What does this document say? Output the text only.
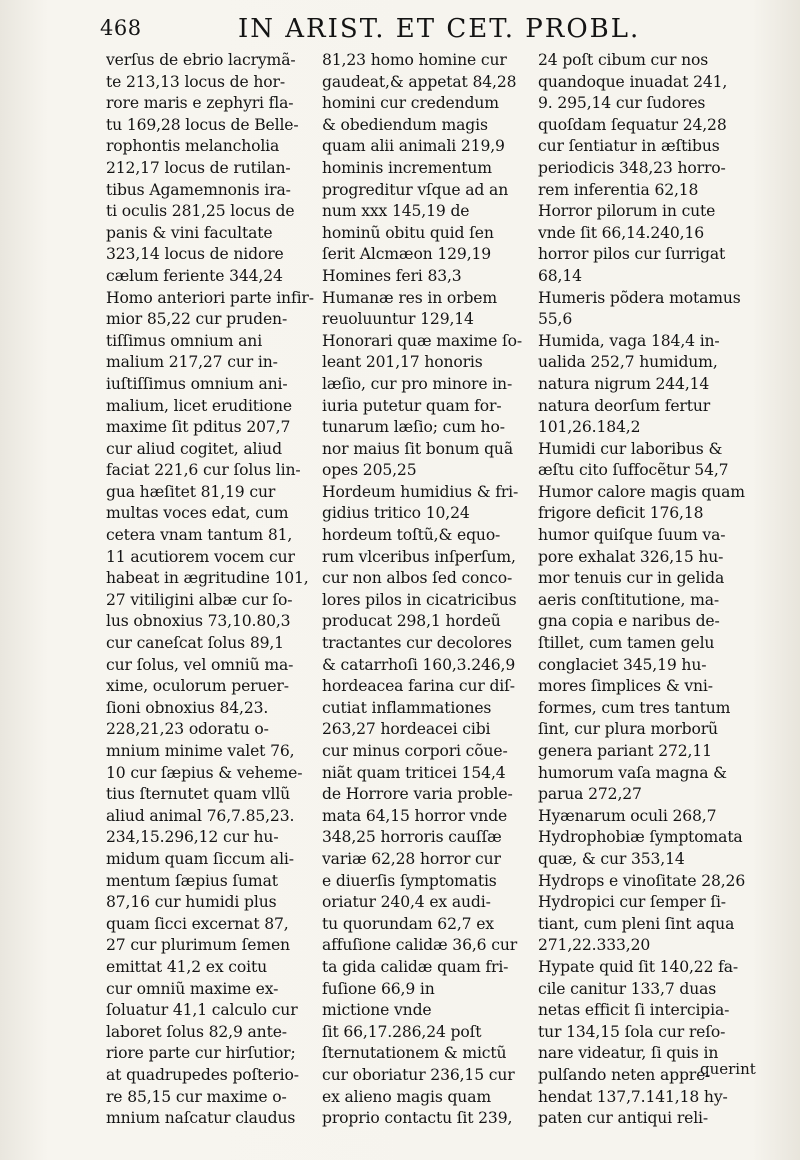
468	IN ARIST. ET CET. PROBL.
verſus de ebrio lacrymã-
te 213,13 locus de hor-
rore maris e zephyri fla-
tu 169,28 locus de Belle-
rophontis melancholia
212,17 locus de rutilan-
tibus Agamemnonis ira-
ti oculis 281,25 locus de
panis & vini facultate
323,14 locus de nidore
cælum feriente 344,24
Homo anteriori parte infir-
mior 85,22 cur pruden-
tiſſimus omnium ani
malium 217,27 cur in-
iuſtiſſimus omnium ani-
malium, licet eruditione
maxime ſit pditus 207,7
cur aliud cogitet, aliud
faciat 221,6 cur ſolus lin-
gua hæſitet 81,19 cur
multas voces edat, cum
cetera vnam tantum 81,
11 acutiorem vocem cur
habeat in ægritudine 101,
27 vitiligini albæ cur ſo-
lus obnoxius 73,10.80,3
cur caneſcat ſolus 89,1
cur ſolus, vel omniũ ma-
xime, oculorum peruer-
ſioni obnoxius 84,23.
228,21,23 odoratu o-
mnium minime valet 76,
10 cur ſæpius & veheme-
tius ſternutet quam vllũ
aliud animal 76,7.85,23.
234,15.296,12 cur hu-
midum quam ſiccum ali-
mentum ſæpius ſumat
87,16 cur humidi plus
quam ſicci excernat 87,
27 cur plurimum ſemen
emittat 41,2 ex coitu
cur omniũ maxime ex-
ſoluatur 41,1 calculo cur
laboret ſolus 82,9 ante-
riore parte cur hirſutior;
at quadrupedes poſterio-
re 85,15 cur maxime o-
mnium naſcatur claudus
81,23 homo homine cur
gaudeat,& appetat 84,28
homini cur credendum
& obediendum magis
quam alii animali 219,9
hominis incrementum
progreditur vſque ad an
num xxx 145,19 de
hominũ obitu quid ſen
ſerit Alcmæon 129,19
Homines feri 83,3
Humanæ res in orbem
reuoluuntur 129,14
Honorari quæ maxime ſo-
leant 201,17 honoris
læſio, cur pro minore in-
iuria putetur quam for-
tunarum læſio; cum ho-
nor maius ſit bonum quã
opes 205,25
Hordeum humidius & fri-
gidius tritico 10,24
hordeum toſtũ,& equo-
rum vlceribus inſperſum,
cur non albos ſed conco-
lores pilos in cicatricibus
producat 298,1 hordeũ
tractantes cur decolores
& catarrhoſi 160,3.246,9
hordeacea farina cur diſ-
cutiat inflammationes
263,27 hordeacei cibi
cur minus corpori cõue-
niãt quam triticei 154,4
de Horrore varia proble-
mata 64,15 horror vnde
348,25 horroris cauſſæ
variæ 62,28 horror cur
e diuerſis ſymptomatis
oriatur 240,4 ex audi-
tu quorundam 62,7 ex
affuſione calidæ 36,6 cur
ta gida calidæ quam fri-
fuſione 66,9 in
mictione vnde
ſit 66,17.286,24 poſt
ſternutationem & mictũ
cur oboriatur 236,15 cur
ex alieno magis quam
proprio contactu ſit 239,
24 poſt cibum cur nos
quandoque inuadat 241,
9. 295,14 cur ſudores
quoſdam ſequatur 24,28
cur ſentiatur in æſtibus
periodicis 348,23 horro-
rem inferentia 62,18
Horror pilorum in cute
vnde ſit 66,14.240,16
horror pilos cur ſurrigat
68,14
Humeris põdera motamus
55,6
Humida, vaga 184,4 in-
ualida 252,7 humidum,
natura nigrum 244,14
natura deorſum fertur
101,26.184,2
Humidi cur laboribus &
æſtu cito ſuffocẽtur 54,7
Humor calore magis quam
frigore deficit 176,18
humor quiſque ſuum va-
pore exhalat 326,15 hu-
mor tenuis cur in gelida
aeris conſtitutione, ma-
gna copia e naribus de-
ſtillet, cum tamen gelu
conglaciet 345,19 hu-
mores ſimplices & vni-
formes, cum tres tantum
ſint, cur plura morborũ
genera pariant 272,11
humorum vaſa magna &
parua 272,27
Hyænarum oculi 268,7
Hydrophobiæ ſymptomata
quæ, & cur 353,14
Hydrops e vinoſitate 28,26
Hydropici cur ſemper ſi-
tiant, cum pleni ſint aqua
271,22.333,20
Hypate quid ſit 140,22 fa-
cile canitur 133,7 duas
netas efficit ſi intercipia-
tur 134,15 ſola cur reſo-
nare videatur, ſi quis in
pulſando neten appre-
hendat 137,7.141,18 hy-
paten cur antiqui reli-
querint
